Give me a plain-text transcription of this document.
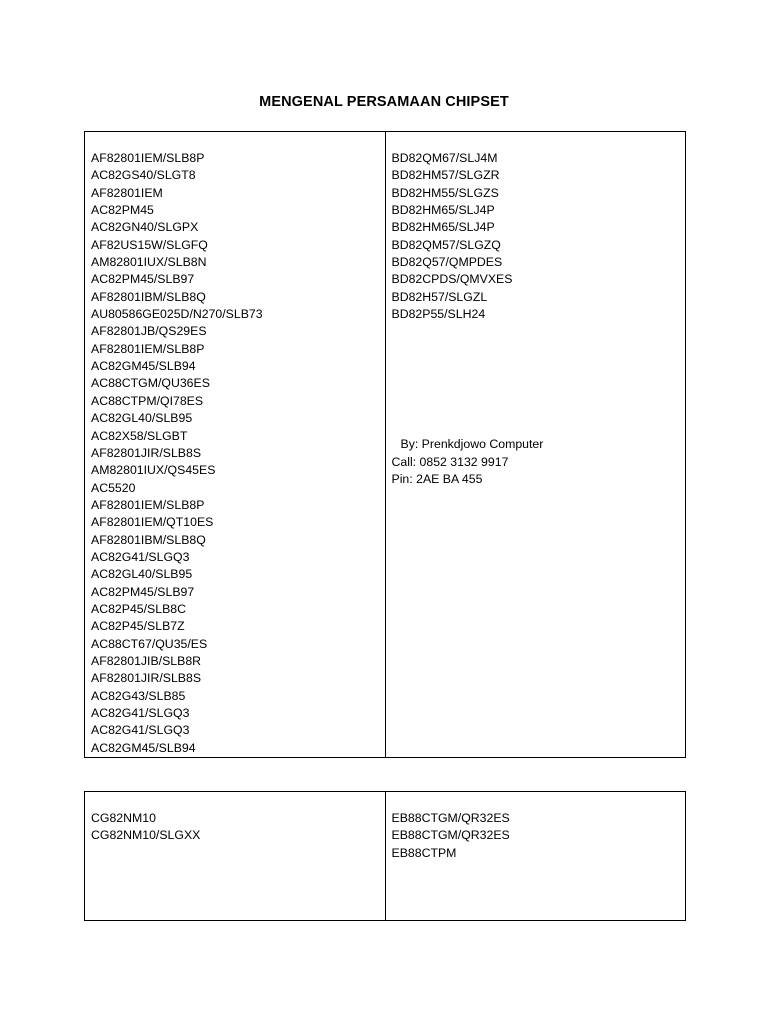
MENGENAL PERSAMAAN CHIPSET
AF82801IEM/SLB8P
AC82GS40/SLGT8
AF82801IEM
AC82PM45
AC82GN40/SLGPX
AF82US15W/SLGFQ
AM82801IUX/SLB8N
AC82PM45/SLB97
AF82801IBM/SLB8Q
AU80586GE025D/N270/SLB73
AF82801JB/QS29ES
AF82801IEM/SLB8P
AC82GM45/SLB94
AC88CTGM/QU36ES
AC88CTPM/QI78ES
AC82GL40/SLB95
AC82X58/SLGBT
AF82801JIR/SLB8S
AM82801IUX/QS45ES
AC5520
AF82801IEM/SLB8P
AF82801IEM/QT10ES
AF82801IBM/SLB8Q
AC82G41/SLGQ3
AC82GL40/SLB95
AC82PM45/SLB97
AC82P45/SLB8C
AC82P45/SLB7Z
AC88CT67/QU35/ES
AF82801JIB/SLB8R
AF82801JIR/SLB8S
AC82G43/SLB85
AC82G41/SLGQ3
AC82G41/SLGQ3
AC82GM45/SLB94

BD82QM67/SLJ4M
BD82HM57/SLGZR
BD82HM55/SLGZS
BD82HM65/SLJ4P
BD82HM65/SLJ4P
BD82QM57/SLGZQ
BD82Q57/QMPDES
BD82CPDS/QMVXES
BD82H57/SLGZL
BD82P55/SLH24
By: Prenkdjowo Computer
Call: 0852 3132 9917
Pin: 2AE BA 455
CG82NM10
CG82NM10/SLGXX

EB88CTGM/QR32ES
EB88CTGM/QR32ES
EB88CTPM
